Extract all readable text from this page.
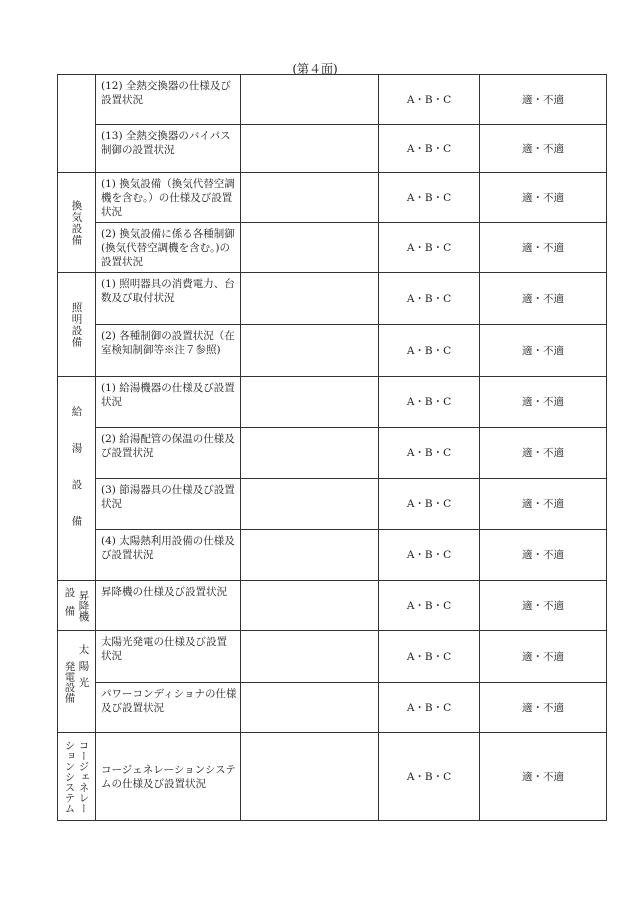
(第４面)

	(12) 全熱交換器の仕様及び設置状況		A・B・C	適・不適

	(13) 全熱交換器のバイパス制御の設置状況		A・B・C	適・不適

換気設備	(1) 換気設備（換気代替空調機を含む。）の仕様及び設置状況		A・B・C	適・不適

	(2) 換気設備に係る各種制御(換気代替空調機を含む。)の設置状況		A・B・C	適・不適

照明設備	(1) 照明器具の消費電力、台数及び取付状況		A・B・C	適・不適

	(2) 各種制御の設置状況（在室検知制御等※注７参照)		A・B・C	適・不適

給湯設備	(1) 給湯機器の仕様及び設置状況		A・B・C	適・不適

	(2) 給湯配管の保温の仕様及び設置状況		A・B・C	適・不適

	(3) 節湯器具の仕様及び設置状況		A・B・C	適・不適

	(4) 太陽熱利用設備の仕様及び設置状況		A・B・C	適・不適

設備 昇降機	昇降機の仕様及び設置状況		A・B・C	適・不適

発電設備 太陽光	太陽光発電の仕様及び設置状況		A・B・C	適・不適

	パワーコンディショナの仕様及び設置状況		A・B・C	適・不適

ションシステム コージェネレー	コージェネレーションシステムの仕様及び設置状況		A・B・C	適・不適
